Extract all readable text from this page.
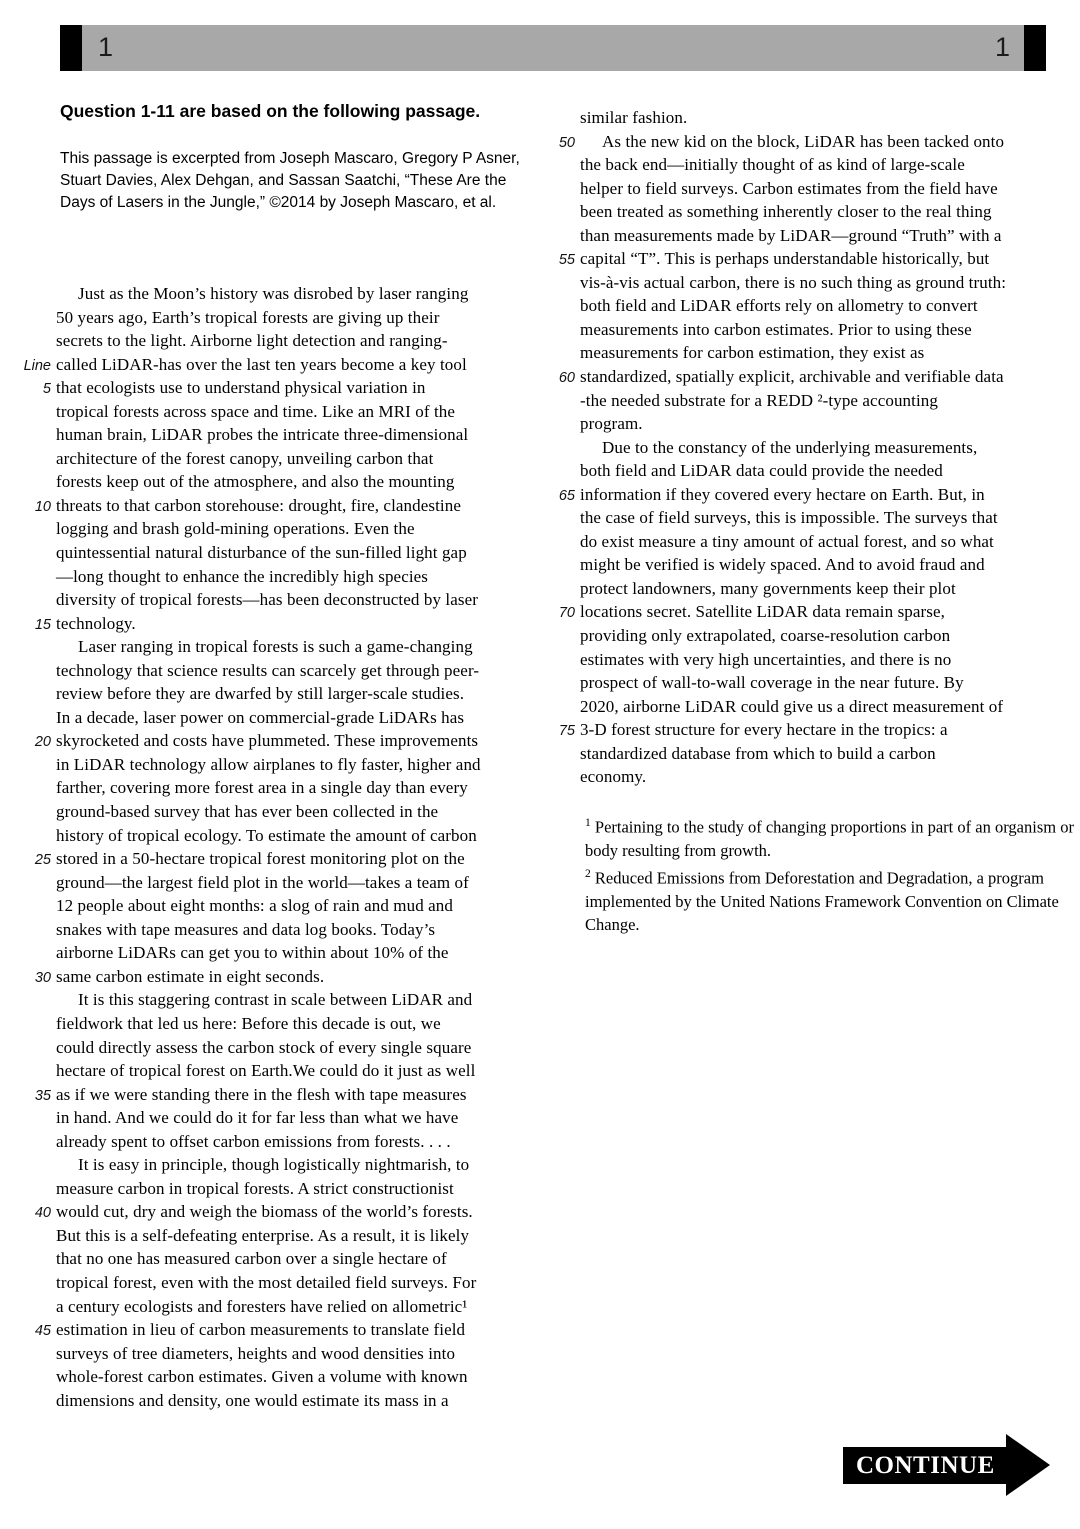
1	1
Question 1-11 are based on the following passage.
This passage is excerpted from Joseph Mascaro, Gregory P Asner, Stuart Davies, Alex Dehgan, and Sassan Saatchi, “These Are the Days of Lasers in the Jungle,” ©2014 by Joseph Mascaro, et al.
Just as the Moon’s history was disrobed by laser ranging
50 years ago, Earth’s tropical forests are giving up their
secrets to the light. Airborne light detection and ranging-
Line called LiDAR-has over the last ten years become a key tool
5 that ecologists use to understand physical variation in
tropical forests across space and time. Like an MRI of the
human brain, LiDAR probes the intricate three-dimensional
architecture of the forest canopy, unveiling carbon that
forests keep out of the atmosphere, and also the mounting
10 threats to that carbon storehouse: drought, fire, clandestine
logging and brash gold-mining operations. Even the
quintessential natural disturbance of the sun-filled light gap
—long thought to enhance the incredibly high species
diversity of tropical forests—has been deconstructed by laser
15 technology.
Laser ranging in tropical forests is such a game-changing
technology that science results can scarcely get through peer-
review before they are dwarfed by still larger-scale studies.
In a decade, laser power on commercial-grade LiDARs has
20 skyrocketed and costs have plummeted. These improvements
in LiDAR technology allow airplanes to fly faster, higher and
farther, covering more forest area in a single day than every
ground-based survey that has ever been collected in the
history of tropical ecology. To estimate the amount of carbon
25 stored in a 50-hectare tropical forest monitoring plot on the
ground—the largest field plot in the world—takes a team of
12 people about eight months: a slog of rain and mud and
snakes with tape measures and data log books. Today’s
airborne LiDARs can get you to within about 10% of the
30 same carbon estimate in eight seconds.
It is this staggering contrast in scale between LiDAR and
fieldwork that led us here: Before this decade is out, we
could directly assess the carbon stock of every single square
hectare of tropical forest on Earth.We could do it just as well
35 as if we were standing there in the flesh with tape measures
in hand. And we could do it for far less than what we have
already spent to offset carbon emissions from forests. . . .
It is easy in principle, though logistically nightmarish, to
measure carbon in tropical forests. A strict constructionist
40 would cut, dry and weigh the biomass of the world’s forests.
But this is a self-defeating enterprise. As a result, it is likely
that no one has measured carbon over a single hectare of
tropical forest, even with the most detailed field surveys. For
a century ecologists and foresters have relied on allometric¹
45 estimation in lieu of carbon measurements to translate field
surveys of tree diameters, heights and wood densities into
whole-forest carbon estimates. Given a volume with known
dimensions and density, one would estimate its mass in a
similar fashion.
50	As the new kid on the block, LiDAR has been tacked onto
the back end—initially thought of as kind of large-scale
helper to field surveys. Carbon estimates from the field have
been treated as something inherently closer to the real thing
than measurements made by LiDAR—ground “Truth” with a
55 capital “T”. This is perhaps understandable historically, but
vis-à-vis actual carbon, there is no such thing as ground truth:
both field and LiDAR efforts rely on allometry to convert
measurements into carbon estimates. Prior to using these
measurements for carbon estimation, they exist as
60 standardized, spatially explicit, archivable and verifiable data
-the needed substrate for a REDD ²-type accounting
program.
Due to the constancy of the underlying measurements,
both field and LiDAR data could provide the needed
65 information if they covered every hectare on Earth. But, in
the case of field surveys, this is impossible. The surveys that
do exist measure a tiny amount of actual forest, and so what
might be verified is widely spaced. And to avoid fraud and
protect landowners, many governments keep their plot
70 locations secret. Satellite LiDAR data remain sparse,
providing only extrapolated, coarse-resolution carbon
estimates with very high uncertainties, and there is no
prospect of wall-to-wall coverage in the near future. By
2020, airborne LiDAR could give us a direct measurement of
75 3-D forest structure for every hectare in the tropics: a
standardized database from which to build a carbon
economy.

$^1$ Pertaining to the study of changing proportions in part of an organism or body resulting from growth.

$^2$ Reduced Emissions from Deforestation and Degradation, a program implemented by the United Nations Framework Convention on Climate Change.

CONTINUE
